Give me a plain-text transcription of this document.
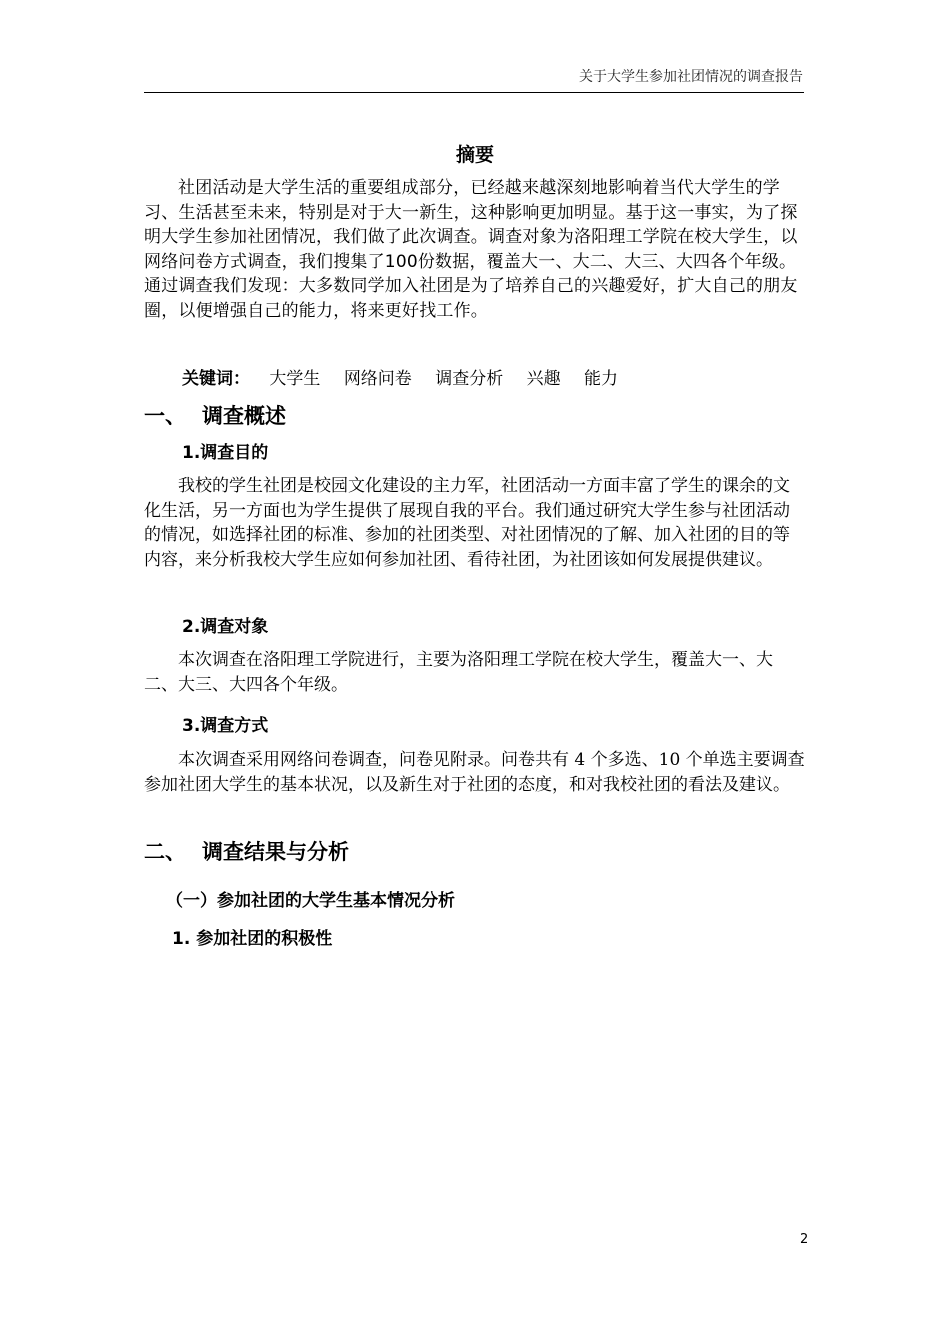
关于大学生参加社团情况的调查报告
摘要

社团活动是大学生活的重要组成部分，已经越来越深刻地影响着当代大学生的学习、生活甚至未来，特别是对于大一新生，这种影响更加明显。基于这一事实，为了探明大学生参加社团情况，我们做了此次调查。调查对象为洛阳理工学院在校大学生，以网络问卷方式调查，我们搜集了100份数据，覆盖大一、大二、大三、大四各个年级。通过调查我们发现：大多数同学加入社团是为了培养自己的兴趣爱好，扩大自己的朋友圈，以便增强自己的能力，将来更好找工作。

关键词： 大学生 网络问卷 调查分析 兴趣 能力
一、 调查概述
1.调查目的

我校的学生社团是校园文化建设的主力军，社团活动一方面丰富了学生的课余的文化生活，另一方面也为学生提供了展现自我的平台。我们通过研究大学生参与社团活动的情况，如选择社团的标准、参加的社团类型、对社团情况的了解、加入社团的目的等内容，来分析我校大学生应如何参加社团、看待社团，为社团该如何发展提供建议。

2.调查对象

本次调查在洛阳理工学院进行，主要为洛阳理工学院在校大学生，覆盖大一、大二、大三、大四各个年级。

3.调查方式

本次调查采用网络问卷调查，问卷见附录。问卷共有 4 个多选、10 个单选主要调查参加社团大学生的基本状况，以及新生对于社团的态度，和对我校社团的看法及建议。

二、 调查结果与分析
（一）参加社团的大学生基本情况分析
1. 参加社团的积极性
2
